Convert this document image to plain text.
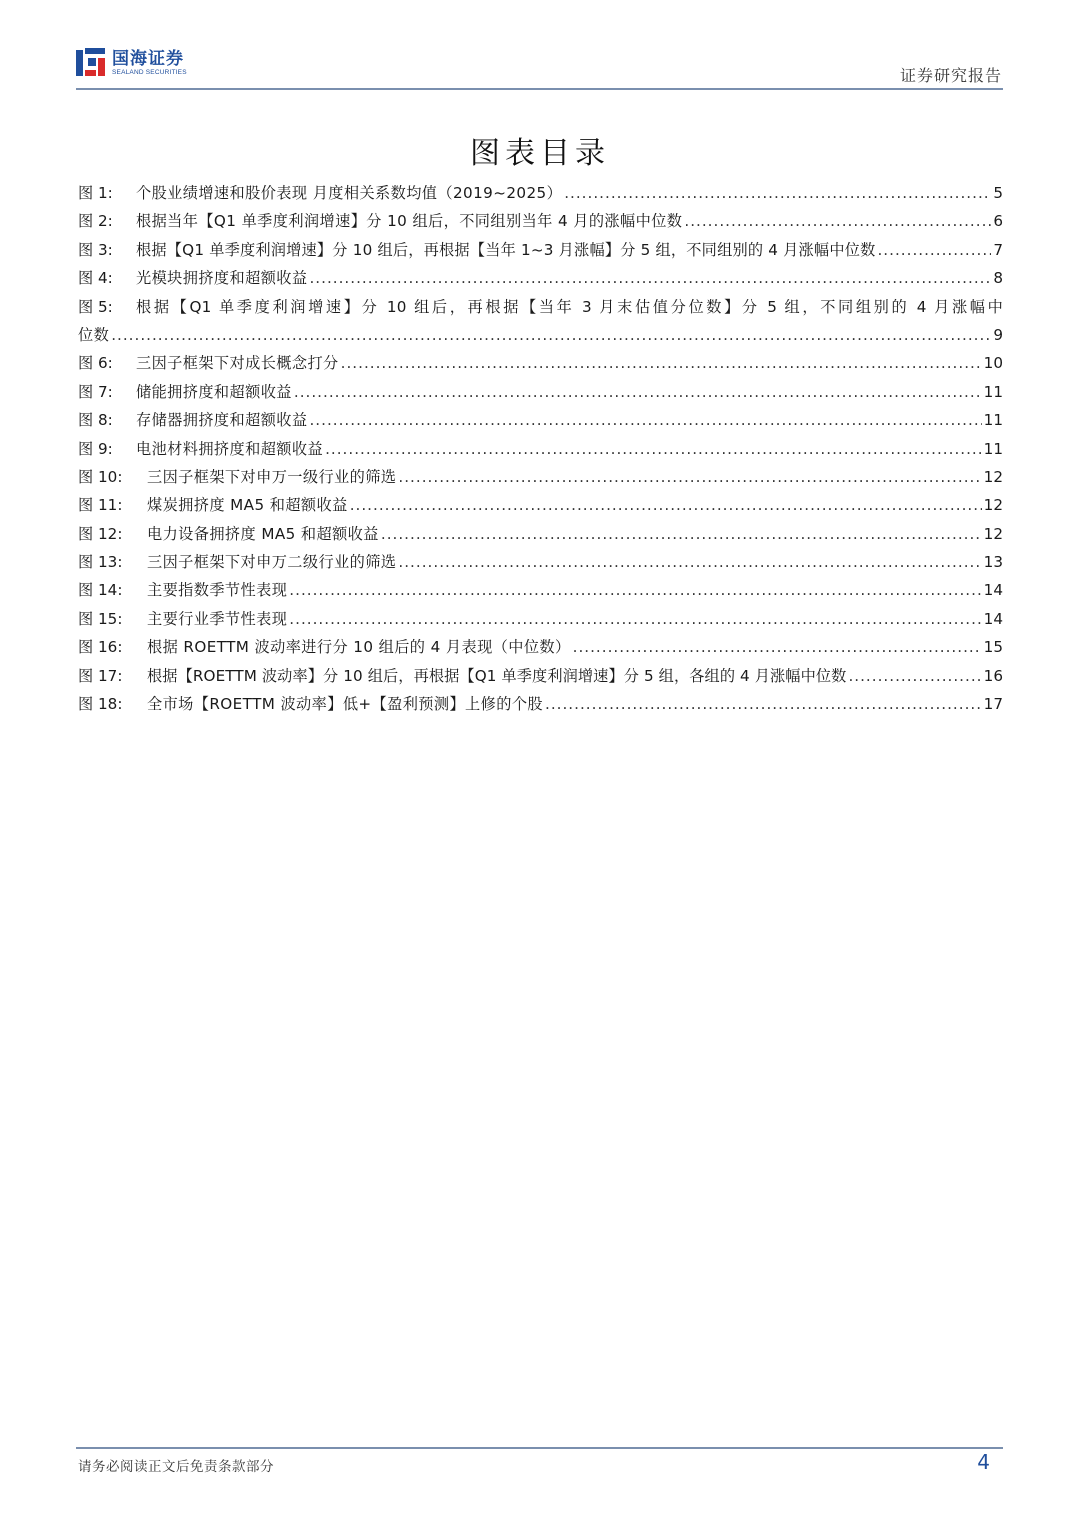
国海证券
SEALAND SECURITIES	证券研究报告
图表目录
图 1:	个股业绩增速和股价表现 月度相关系数均值（2019~2025） .....	5
图 2:	根据当年【Q1 单季度利润增速】分 10 组后，不同组别当年 4 月的涨幅中位数 .....	6
图 3:	根据【Q1 单季度利润增速】分 10 组后，再根据【当年 1~3 月涨幅】分 5 组，不同组别的 4 月涨幅中位数 .....	7
图 4:	光模块拥挤度和超额收益 .....	8
图 5:	根据【Q1 单季度利润增速】分 10 组后，再根据【当年 3 月末估值分位数】分 5 组，不同组别的 4 月涨幅中
位数 .....	9
图 6:	三因子框架下对成长概念打分 .....	10
图 7:	储能拥挤度和超额收益 .....	11
图 8:	存储器拥挤度和超额收益 .....	11
图 9:	电池材料拥挤度和超额收益 .....	11
图 10:	三因子框架下对申万一级行业的筛选 .....	12
图 11:	煤炭拥挤度 MA5 和超额收益 .....	12
图 12:	电力设备拥挤度 MA5 和超额收益 .....	12
图 13:	三因子框架下对申万二级行业的筛选 .....	13
图 14:	主要指数季节性表现 .....	14
图 15:	主要行业季节性表现 .....	14
图 16:	根据 ROETTM 波动率进行分 10 组后的 4 月表现（中位数） .....	15
图 17:	根据【ROETTM 波动率】分 10 组后，再根据【Q1 单季度利润增速】分 5 组，各组的 4 月涨幅中位数 .....	16
图 18:	全市场【ROETTM 波动率】低+【盈利预测】上修的个股 .....	17
请务必阅读正文后免责条款部分	4
